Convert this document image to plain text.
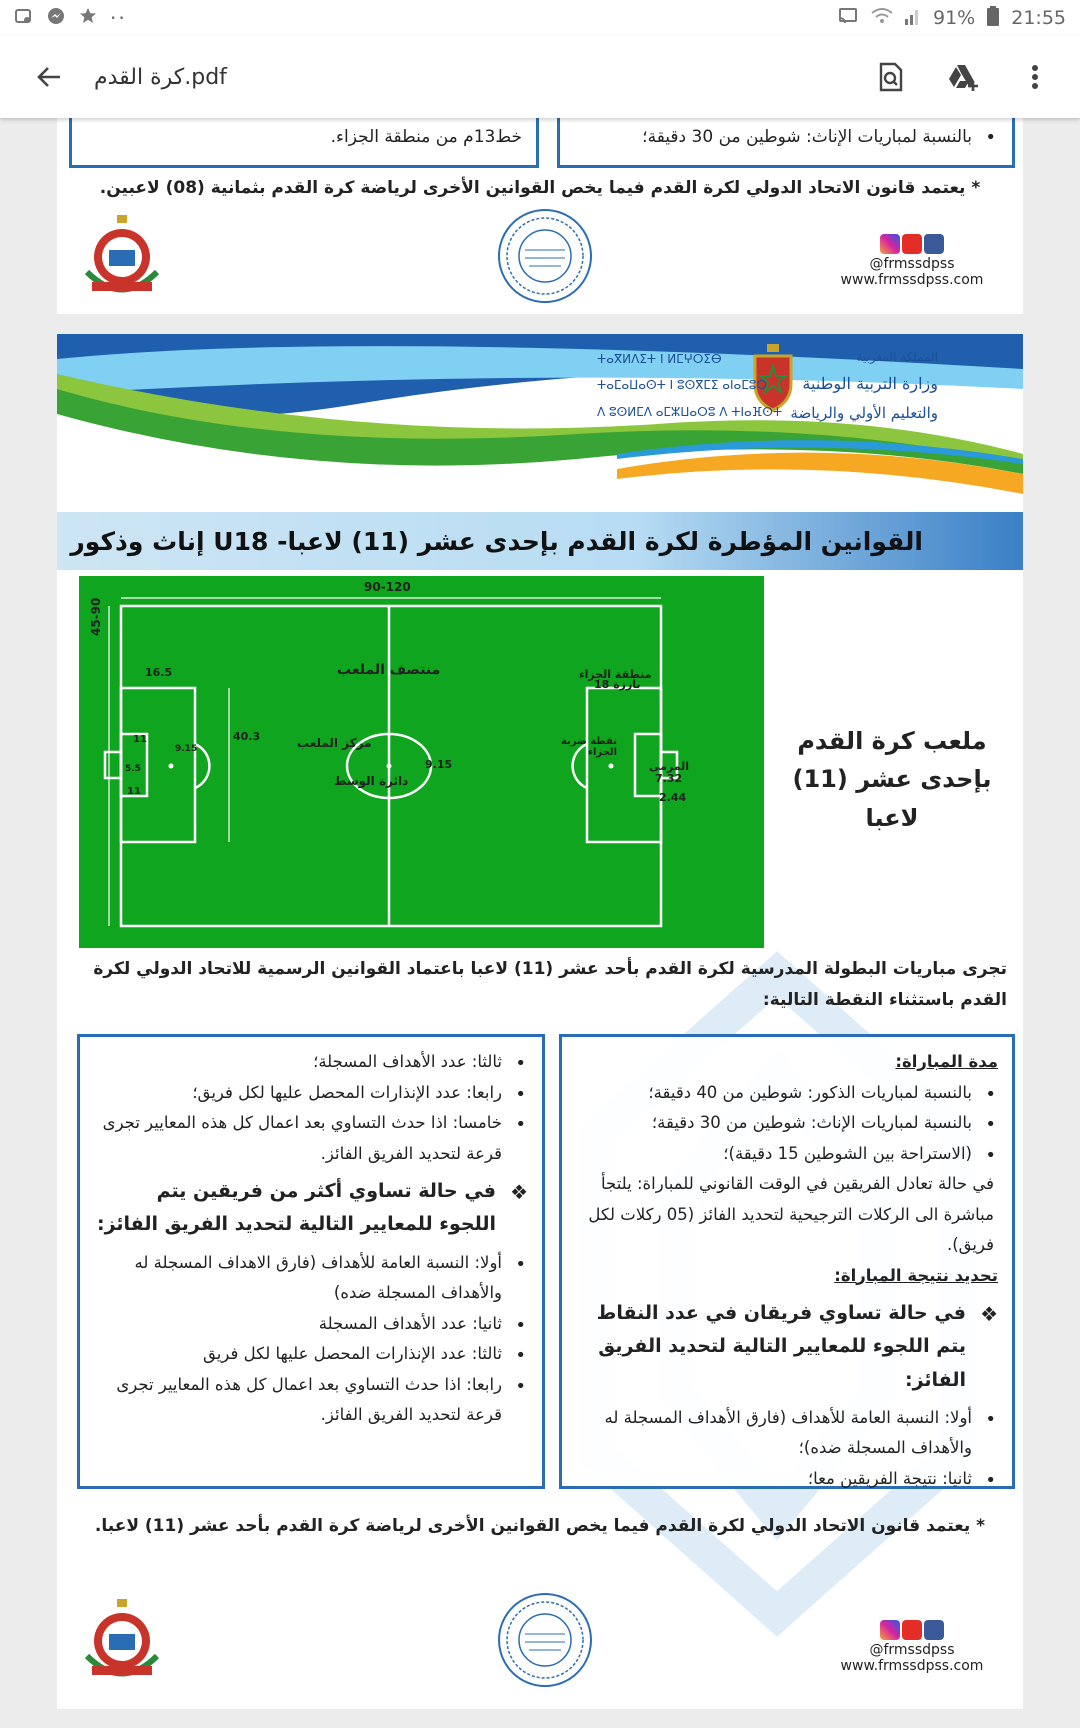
··	91% 21:55
كرة القدم.pdf
خط13م من منطقة الجزاء.
•	بالنسبة لمباريات الإناث: شوطين من 30 دقيقة؛
* يعتمد قانون الاتحاد الدولي لكرة القدم فيما يخص القوانين الأخرى لرياضة كرة القدم بثمانية (08) لاعبين.
@frmssdpss
www.frmssdpss.com
المملكة المغربية
وزارة التربية الوطنية
والتعليم الأولي والرياضة
ⵜⴰⴳⵍⴷⵉⵜ ⵏ ⵍⵎⵖⵔⵉⴱ
ⵜⴰⵎⴰⵡⴰⵙⵜ ⵏ ⵓⵙⴳⵎⵉ ⴰⵏⴰⵎⵓⵔ
ⴷ ⵓⵙⵍⵎⴷ ⴰⵎⵣⵡⴰⵔⵓ ⴷ ⵜⵏⴰⴼⵙⵜ
القوانين المؤطرة لكرة القدم بإحدى عشر (11) لاعبا- U18 إناث وذكور
90-120
45-90
منتصف الملعب
مركز الملعب
دائرة الوسط
9.15
منطقة الجزاء
بارزة 18
نقطة ضربة الجزاء
المرمى
7.32
2.44
16.5
40.3
11
11
5.5
9.15	ملعب كرة القدم بإحدى عشر (11) لاعبا
تجرى مباريات البطولة المدرسية لكرة القدم بأحد عشر (11) لاعبا باعتماد القوانين الرسمية للاتحاد الدولي لكرة القدم باستثناء النقطة التالية:
مدة المباراة:
• بالنسبة لمباريات الذكور: شوطين من 40 دقيقة؛
• بالنسبة لمباريات الإناث: شوطين من 30 دقيقة؛
• (الاستراحة بين الشوطين 15 دقيقة)؛
في حالة تعادل الفريقين في الوقت القانوني للمباراة: يلتجأ مباشرة الى الركلات الترجيحية لتحديد الفائز (05 ركلات لكل فريق).
تحديد نتيجة المباراة:
❖ في حالة تساوي فريقان في عدد النقاط يتم اللجوء للمعايير التالية لتحديد الفريق الفائز:
• أولا: النسبة العامة للأهداف (فارق الأهداف المسجلة له والأهداف المسجلة ضده)؛
• ثانيا: نتيجة الفريقين معا؛
• ثالثا: عدد الأهداف المسجلة؛
• رابعا: عدد الإنذارات المحصل عليها لكل فريق؛
• خامسا: اذا حدث التساوي بعد اعمال كل هذه المعايير تجرى قرعة لتحديد الفريق الفائز.
❖ في حالة تساوي أكثر من فريقين يتم اللجوء للمعايير التالية لتحديد الفريق الفائز:
• أولا: النسبة العامة للأهداف (فارق الاهداف المسجلة له والأهداف المسجلة ضده)
• ثانيا: عدد الأهداف المسجلة
• ثالثا: عدد الإنذارات المحصل عليها لكل فريق
• رابعا: اذا حدث التساوي بعد اعمال كل هذه المعايير تجرى قرعة لتحديد الفريق الفائز.
* يعتمد قانون الاتحاد الدولي لكرة القدم فيما يخص القوانين الأخرى لرياضة كرة القدم بأحد عشر (11) لاعبا.
@frmssdpss
www.frmssdpss.com
